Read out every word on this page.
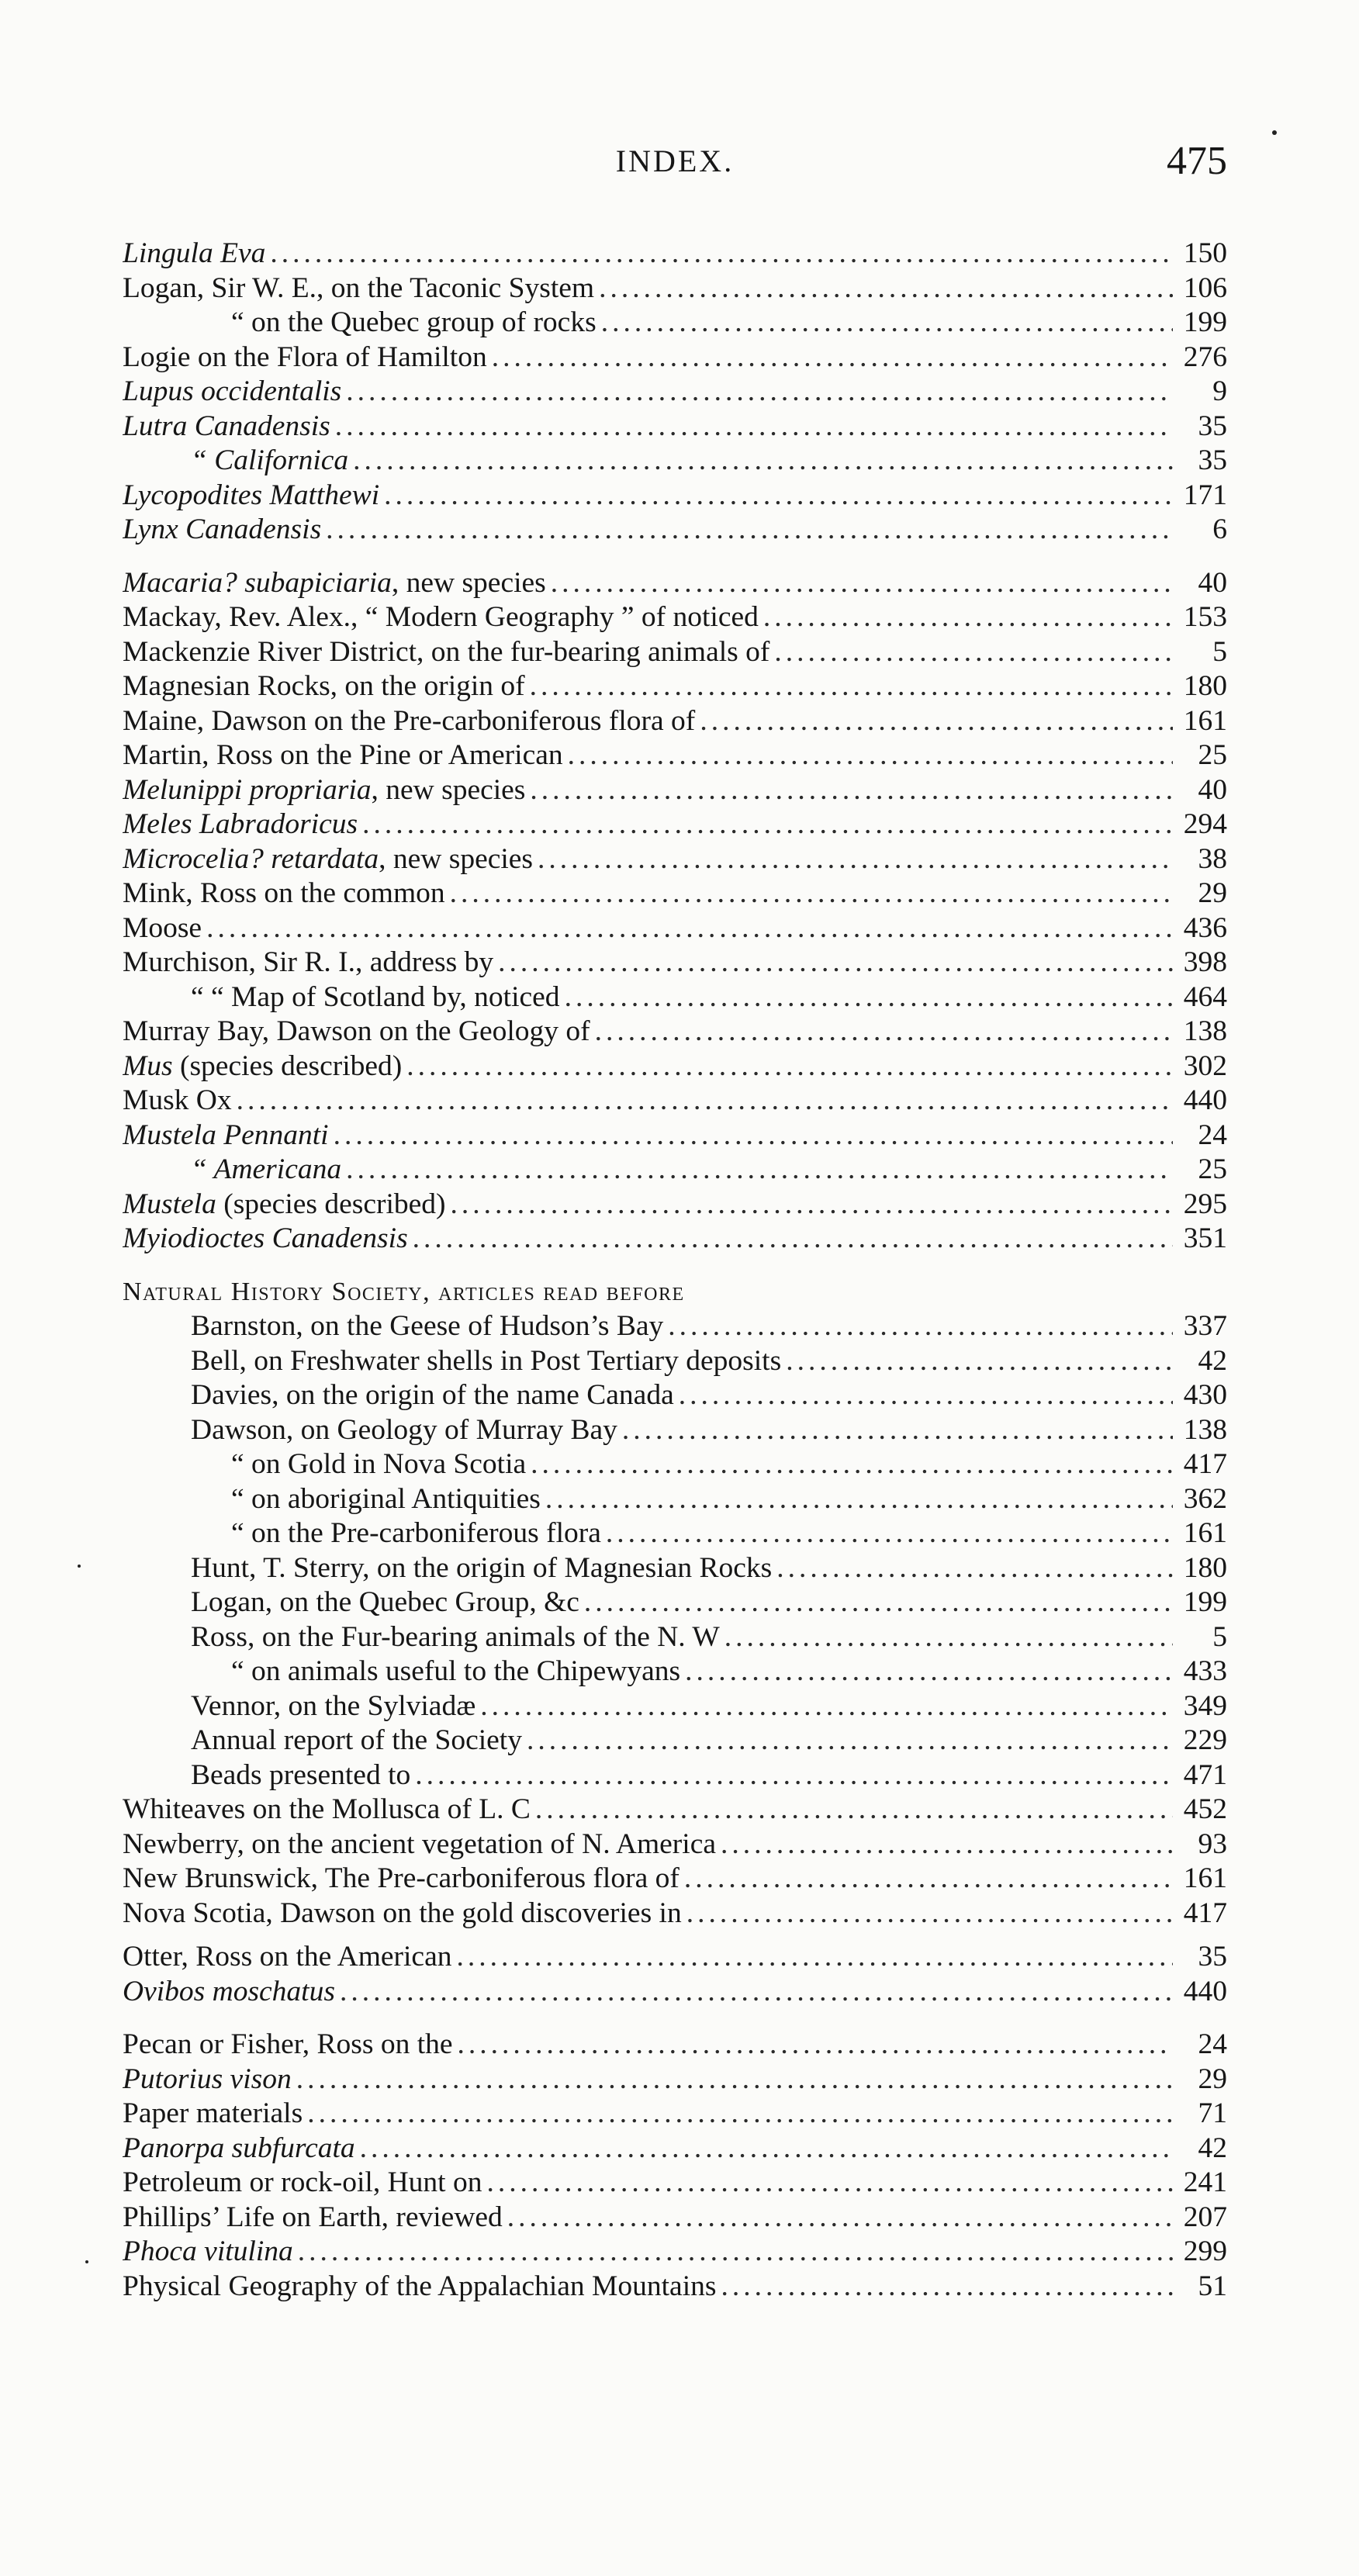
INDEX.	475
Lingula Eva .....	150
Logan, Sir W. E., on the Taconic System .....	106
“ on the Quebec group of rocks .....	199
Logie on the Flora of Hamilton .....	276
Lupus occidentalis .....	9
Lutra Canadensis .....	35
“ Californica .....	35
Lycopodites Matthewi .....	171
Lynx Canadensis .....	6
Macaria? subapiciaria, new species .....	40
Mackay, Rev. Alex., “ Modern Geography ” of noticed .....	153
Mackenzie River District, on the fur-bearing animals of .....	5
Magnesian Rocks, on the origin of .....	180
Maine, Dawson on the Pre-carboniferous flora of .....	161
Martin, Ross on the Pine or American .....	25
Melunippi propriaria, new species .....	40
Meles Labradoricus .....	294
Microcelia? retardata, new species .....	38
Mink, Ross on the common .....	29
Moose .....	436
Murchison, Sir R. I., address by .....	398
“ “ Map of Scotland by, noticed .....	464
Murray Bay, Dawson on the Geology of .....	138
Mus (species described) .....	302
Musk Ox .....	440
Mustela Pennanti .....	24
“ Americana .....	25
Mustela (species described) .....	295
Myiodioctes Canadensis .....	351
Natural History Society, articles read before
Barnston, on the Geese of Hudson’s Bay .....	337
Bell, on Freshwater shells in Post Tertiary deposits .....	42
Davies, on the origin of the name Canada .....	430
Dawson, on Geology of Murray Bay .....	138
“ on Gold in Nova Scotia .....	417
“ on aboriginal Antiquities .....	362
“ on the Pre-carboniferous flora .....	161
Hunt, T. Sterry, on the origin of Magnesian Rocks .....	180
Logan, on the Quebec Group, &c .....	199
Ross, on the Fur-bearing animals of the N. W .....	5
“ on animals useful to the Chipewyans .....	433
Vennor, on the Sylviadæ .....	349
Annual report of the Society .....	229
Beads presented to .....	471
Whiteaves on the Mollusca of L. C .....	452
Newberry, on the ancient vegetation of N. America .....	93
New Brunswick, The Pre-carboniferous flora of .....	161
Nova Scotia, Dawson on the gold discoveries in .....	417
Otter, Ross on the American .....	35
Ovibos moschatus .....	440
Pecan or Fisher, Ross on the .....	24
Putorius vison .....	29
Paper materials .....	71
Panorpa subfurcata .....	42
Petroleum or rock-oil, Hunt on .....	241
Phillips’ Life on Earth, reviewed .....	207
Phoca vitulina .....	299
Physical Geography of the Appalachian Mountains .....	51
